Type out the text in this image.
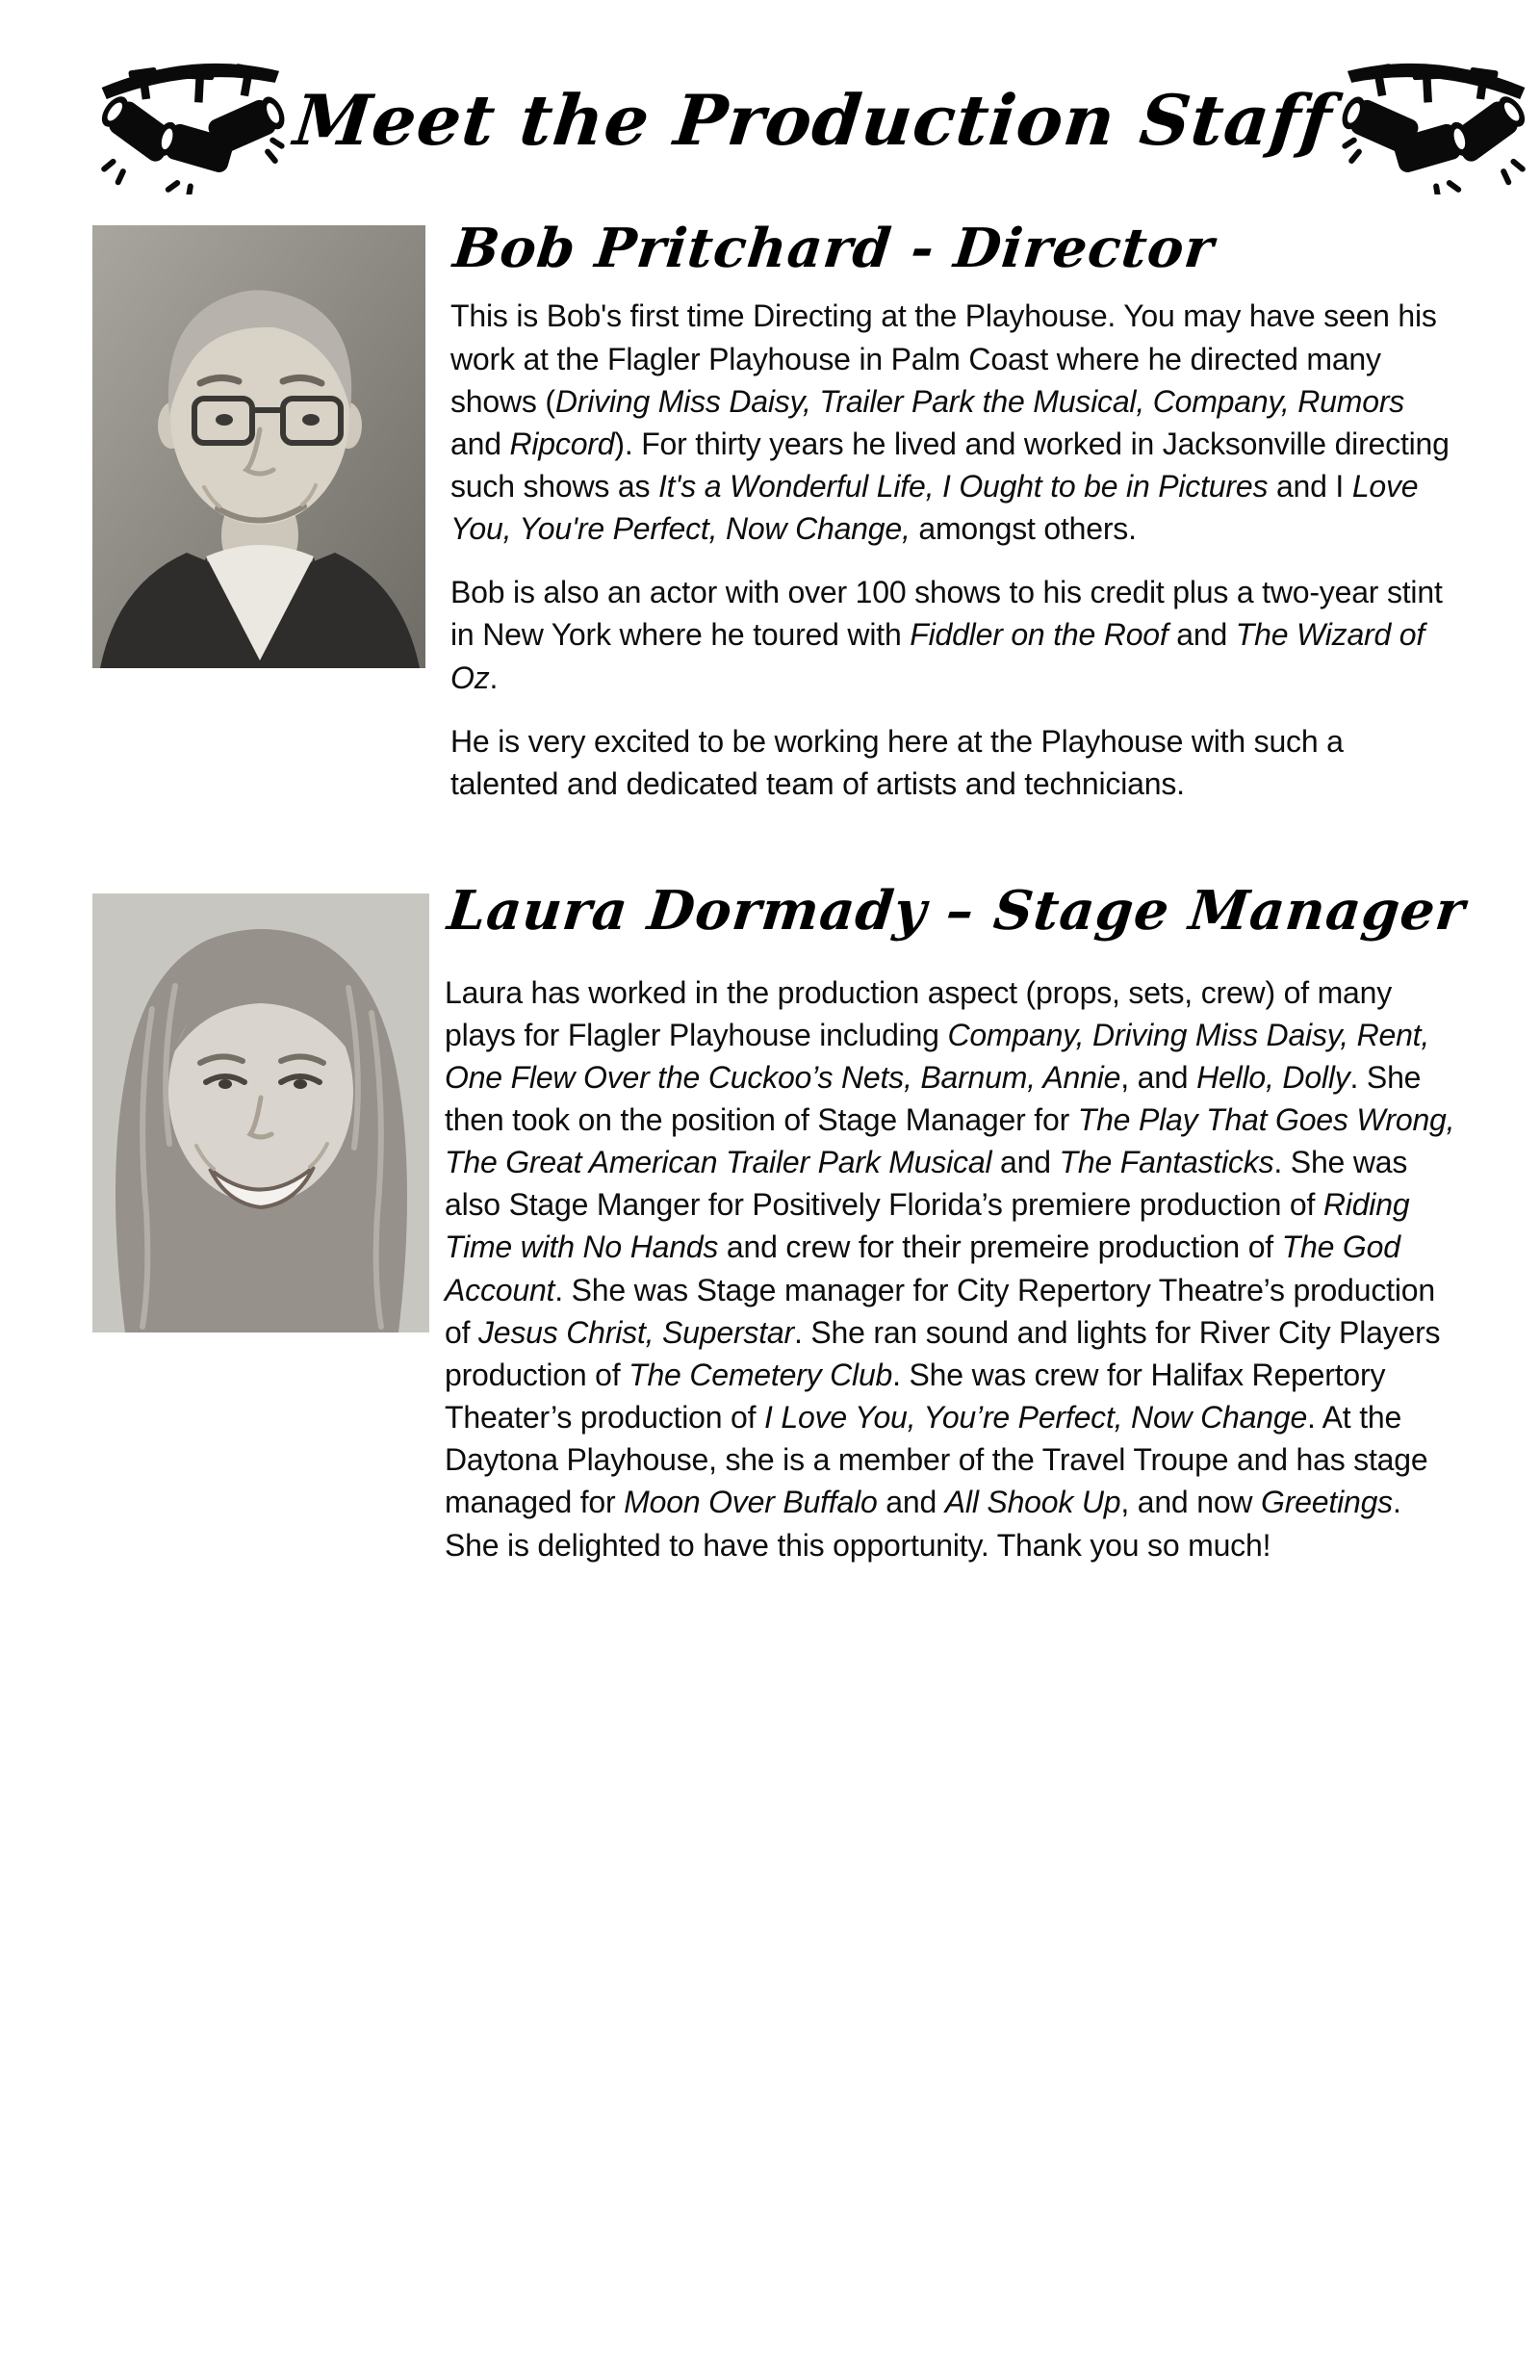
Meet the Production Staff
Bob Pritchard - Director

This is Bob's first time Directing at the Playhouse. You may have seen his work at the Flagler Playhouse in Palm Coast where he directed many shows (Driving Miss Daisy, Trailer Park the Musical, Company, Rumors and Ripcord). For thirty years he lived and worked in Jacksonville directing such shows as It's a Wonderful Life, I Ought to be in Pictures and I Love You, You're Perfect, Now Change, amongst others.

Bob is also an actor with over 100 shows to his credit plus a two-year stint in New York where he toured with Fiddler on the Roof and The Wizard of Oz.

He is very excited to be working here at the Playhouse with such a talented and dedicated team of artists and technicians.

Laura Dormady – Stage Manager

Laura has worked in the production aspect (props, sets, crew) of many plays for Flagler Playhouse including Company, Driving Miss Daisy, Rent, One Flew Over the Cuckoo’s Nets, Barnum, Annie, and Hello, Dolly. She then took on the position of Stage Manager for The Play That Goes Wrong, The Great American Trailer Park Musical and The Fantasticks. She was also Stage Manger for Positively Florida’s premiere production of Riding Time with No Hands and crew for their premeire production of The God Account. She was Stage manager for City Repertory Theatre’s production of Jesus Christ, Superstar. She ran sound and lights for River City Players production of The Cemetery Club. She was crew for Halifax Repertory Theater’s production of I Love You, You’re Perfect, Now Change. At the Daytona Playhouse, she is a member of the Travel Troupe and has stage managed for Moon Over Buffalo and All Shook Up, and now Greetings. She is delighted to have this opportunity. Thank you so much!
